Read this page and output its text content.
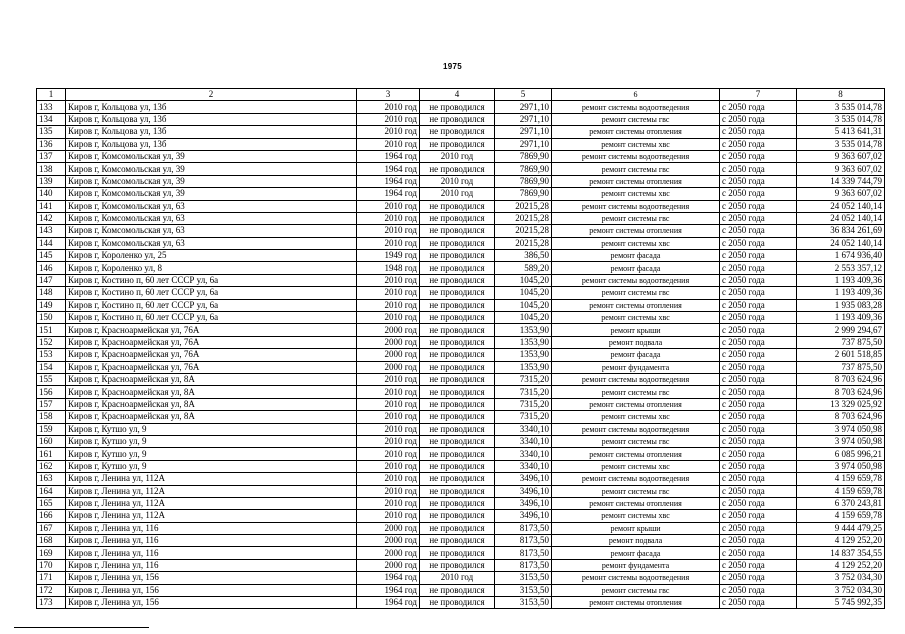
1975
1	2	3	4	5	6	7	8
133	Киров г, Кольцова ул, 13б	2010 год	не проводился	2971,10	ремонт системы водоотведения	с 2050 года	3 535 014,78
134	Киров г, Кольцова ул, 13б	2010 год	не проводился	2971,10	ремонт системы гвс	с 2050 года	3 535 014,78
135	Киров г, Кольцова ул, 13б	2010 год	не проводился	2971,10	ремонт системы отопления	с 2050 года	5 413 641,31
136	Киров г, Кольцова ул, 13б	2010 год	не проводился	2971,10	ремонт системы хвс	с 2050 года	3 535 014,78
137	Киров г, Комсомольская ул, 39	1964 год	2010 год	7869,90	ремонт системы водоотведения	с 2050 года	9 363 607,02
138	Киров г, Комсомольская ул, 39	1964 год	не проводился	7869,90	ремонт системы гвс	с 2050 года	9 363 607,02
139	Киров г, Комсомольская ул, 39	1964 год	2010 год	7869,90	ремонт системы отопления	с 2050 года	14 339 744,79
140	Киров г, Комсомольская ул, 39	1964 год	2010 год	7869,90	ремонт системы хвс	с 2050 года	9 363 607,02
141	Киров г, Комсомольская ул, 63	2010 год	не проводился	20215,28	ремонт системы водоотведения	с 2050 года	24 052 140,14
142	Киров г, Комсомольская ул, 63	2010 год	не проводился	20215,28	ремонт системы гвс	с 2050 года	24 052 140,14
143	Киров г, Комсомольская ул, 63	2010 год	не проводился	20215,28	ремонт системы отопления	с 2050 года	36 834 261,69
144	Киров г, Комсомольская ул, 63	2010 год	не проводился	20215,28	ремонт системы хвс	с 2050 года	24 052 140,14
145	Киров г, Короленко ул, 25	1949 год	не проводился	386,50	ремонт фасада	с 2050 года	1 674 936,40
146	Киров г, Короленко ул, 8	1948 год	не проводился	589,20	ремонт фасада	с 2050 года	2 553 357,12
147	Киров г, Костино п, 60 лет СССР ул, 6а	2010 год	не проводился	1045,20	ремонт системы водоотведения	с 2050 года	1 193 409,36
148	Киров г, Костино п, 60 лет СССР ул, 6а	2010 год	не проводился	1045,20	ремонт системы гвс	с 2050 года	1 193 409,36
149	Киров г, Костино п, 60 лет СССР ул, 6а	2010 год	не проводился	1045,20	ремонт системы отопления	с 2050 года	1 935 083,28
150	Киров г, Костино п, 60 лет СССР ул, 6а	2010 год	не проводился	1045,20	ремонт системы хвс	с 2050 года	1 193 409,36
151	Киров г, Красноармейская ул, 76А	2000 год	не проводился	1353,90	ремонт крыши	с 2050 года	2 999 294,67
152	Киров г, Красноармейская ул, 76А	2000 год	не проводился	1353,90	ремонт подвала	с 2050 года	737 875,50
153	Киров г, Красноармейская ул, 76А	2000 год	не проводился	1353,90	ремонт фасада	с 2050 года	2 601 518,85
154	Киров г, Красноармейская ул, 76А	2000 год	не проводился	1353,90	ремонт фундамента	с 2050 года	737 875,50
155	Киров г, Красноармейская ул, 8А	2010 год	не проводился	7315,20	ремонт системы водоотведения	с 2050 года	8 703 624,96
156	Киров г, Красноармейская ул, 8А	2010 год	не проводился	7315,20	ремонт системы гвс	с 2050 года	8 703 624,96
157	Киров г, Красноармейская ул, 8А	2010 год	не проводился	7315,20	ремонт системы отопления	с 2050 года	13 329 025,92
158	Киров г, Красноармейская ул, 8А	2010 год	не проводился	7315,20	ремонт системы хвс	с 2050 года	8 703 624,96
159	Киров г, Кутшо ул, 9	2010 год	не проводился	3340,10	ремонт системы водоотведения	с 2050 года	3 974 050,98
160	Киров г, Кутшо ул, 9	2010 год	не проводился	3340,10	ремонт системы гвс	с 2050 года	3 974 050,98
161	Киров г, Кутшо ул, 9	2010 год	не проводился	3340,10	ремонт системы отопления	с 2050 года	6 085 996,21
162	Киров г, Кутшо ул, 9	2010 год	не проводился	3340,10	ремонт системы хвс	с 2050 года	3 974 050,98
163	Киров г, Ленина ул, 112А	2010 год	не проводился	3496,10	ремонт системы водоотведения	с 2050 года	4 159 659,78
164	Киров г, Ленина ул, 112А	2010 год	не проводился	3496,10	ремонт системы гвс	с 2050 года	4 159 659,78
165	Киров г, Ленина ул, 112А	2010 год	не проводился	3496,10	ремонт системы отопления	с 2050 года	6 370 243,81
166	Киров г, Ленина ул, 112А	2010 год	не проводился	3496,10	ремонт системы хвс	с 2050 года	4 159 659,78
167	Киров г, Ленина ул, 116	2000 год	не проводился	8173,50	ремонт крыши	с 2050 года	9 444 479,25
168	Киров г, Ленина ул, 116	2000 год	не проводился	8173,50	ремонт подвала	с 2050 года	4 129 252,20
169	Киров г, Ленина ул, 116	2000 год	не проводился	8173,50	ремонт фасада	с 2050 года	14 837 354,55
170	Киров г, Ленина ул, 116	2000 год	не проводился	8173,50	ремонт фундамента	с 2050 года	4 129 252,20
171	Киров г, Ленина ул, 156	1964 год	2010 год	3153,50	ремонт системы водоотведения	с 2050 года	3 752 034,30
172	Киров г, Ленина ул, 156	1964 год	не проводился	3153,50	ремонт системы гвс	с 2050 года	3 752 034,30
173	Киров г, Ленина ул, 156	1964 год	не проводился	3153,50	ремонт системы отопления	с 2050 года	5 745 992,35
